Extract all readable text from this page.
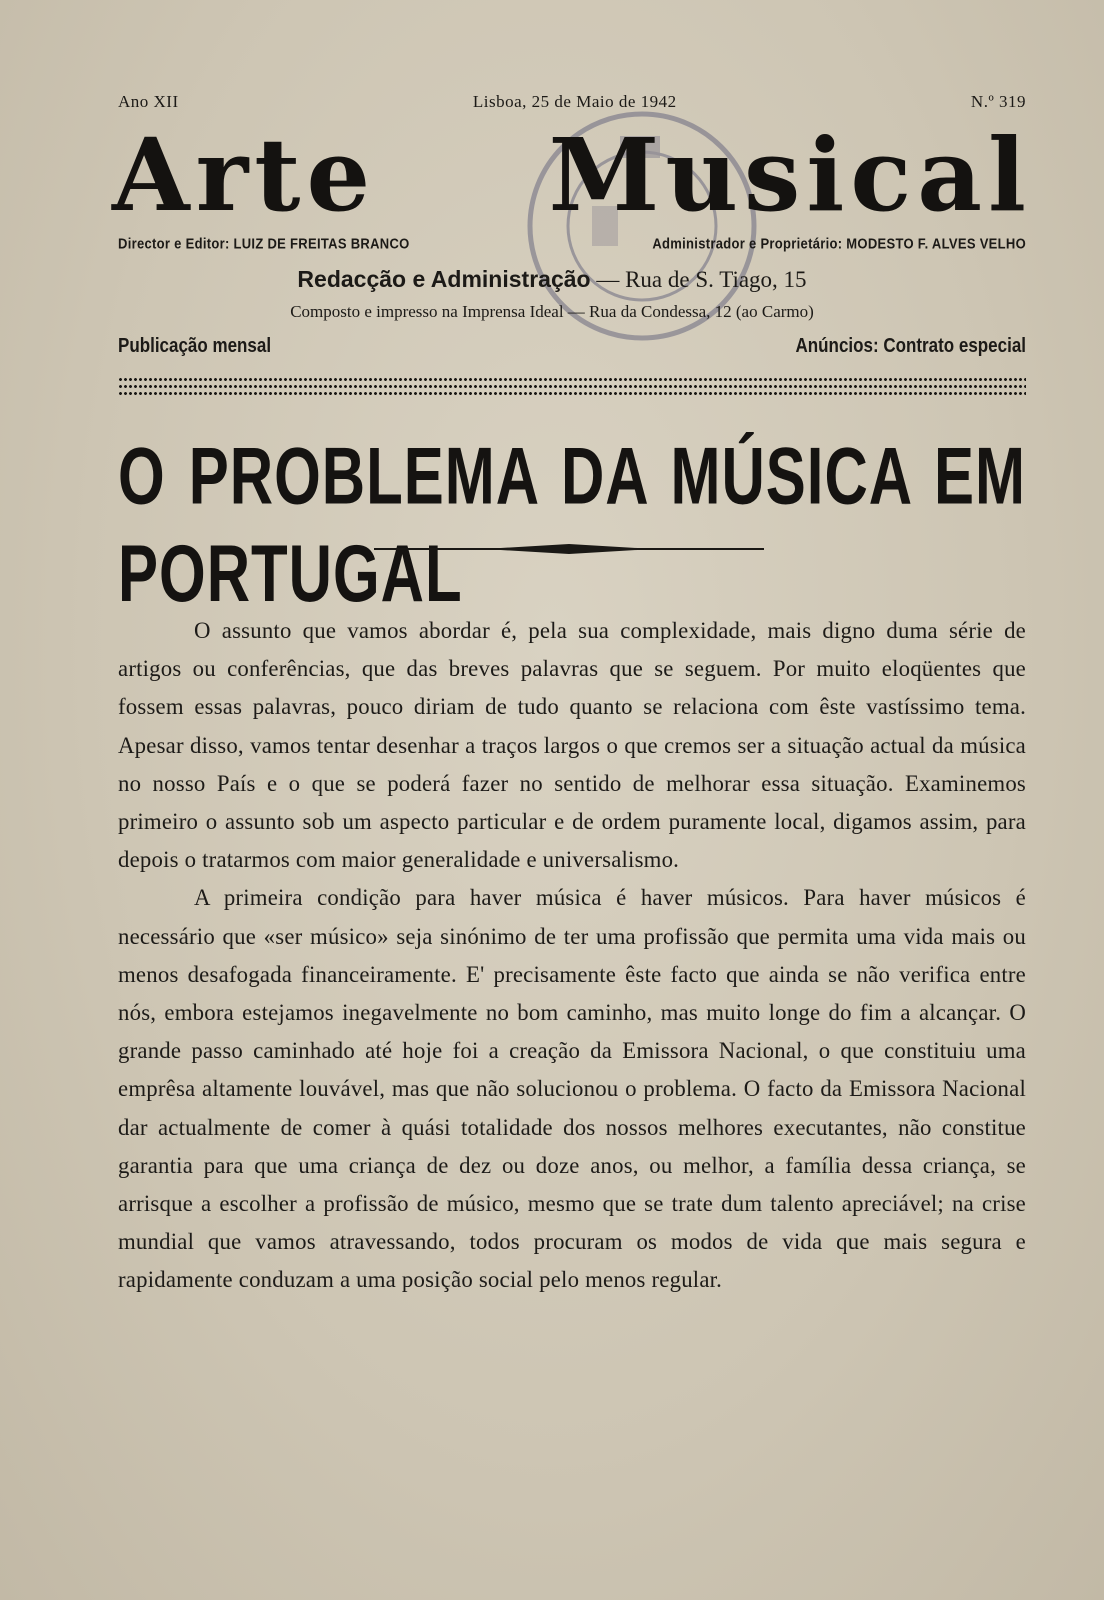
Ano XII	Lisboa, 25 de Maio de 1942	N.º 319
Arte Musical
Director e Editor: LUIZ DE FREITAS BRANCO	Administrador e Proprietário: MODESTO F. ALVES VELHO
Redacção e Administração — Rua de S. Tiago, 15
Composto e impresso na Imprensa Ideal — Rua da Condessa, 12 (ao Carmo)
Publicação mensal	Anúncios: Contrato especial
O PROBLEMA DA MÚSICA EM PORTUGAL

O assunto que vamos abordar é, pela sua complexidade, mais digno duma série de artigos ou conferências, que das breves palavras que se seguem. Por muito eloqüentes que fossem essas palavras, pouco diriam de tudo quanto se relaciona com êste vastíssimo tema. Apesar disso, vamos tentar desenhar a traços largos o que cremos ser a situação actual da música no nosso País e o que se poderá fazer no sentido de melhorar essa situação. Examinemos primeiro o assunto sob um aspecto particular e de ordem puramente local, digamos assim, para depois o tratarmos com maior generalidade e universalismo.

A primeira condição para haver música é haver músicos. Para haver músicos é necessário que «ser músico» seja sinónimo de ter uma profissão que permita uma vida mais ou menos desafogada financeiramente. E' precisamente êste facto que ainda se não verifica entre nós, embora estejamos inegavelmente no bom caminho, mas muito longe do fim a alcançar. O grande passo caminhado até hoje foi a creação da Emissora Nacional, o que constituiu uma emprêsa altamente louvável, mas que não solucionou o problema. O facto da Emissora Nacional dar actualmente de comer à quási totalidade dos nossos melhores executantes, não constitue garantia para que uma criança de dez ou doze anos, ou melhor, a família dessa criança, se arrisque a escolher a profissão de músico, mesmo que se trate dum talento apreciável; na crise mundial que vamos atravessando, todos procuram os modos de vida que mais segura e rapidamente conduzam a uma posição social pelo menos regular.
